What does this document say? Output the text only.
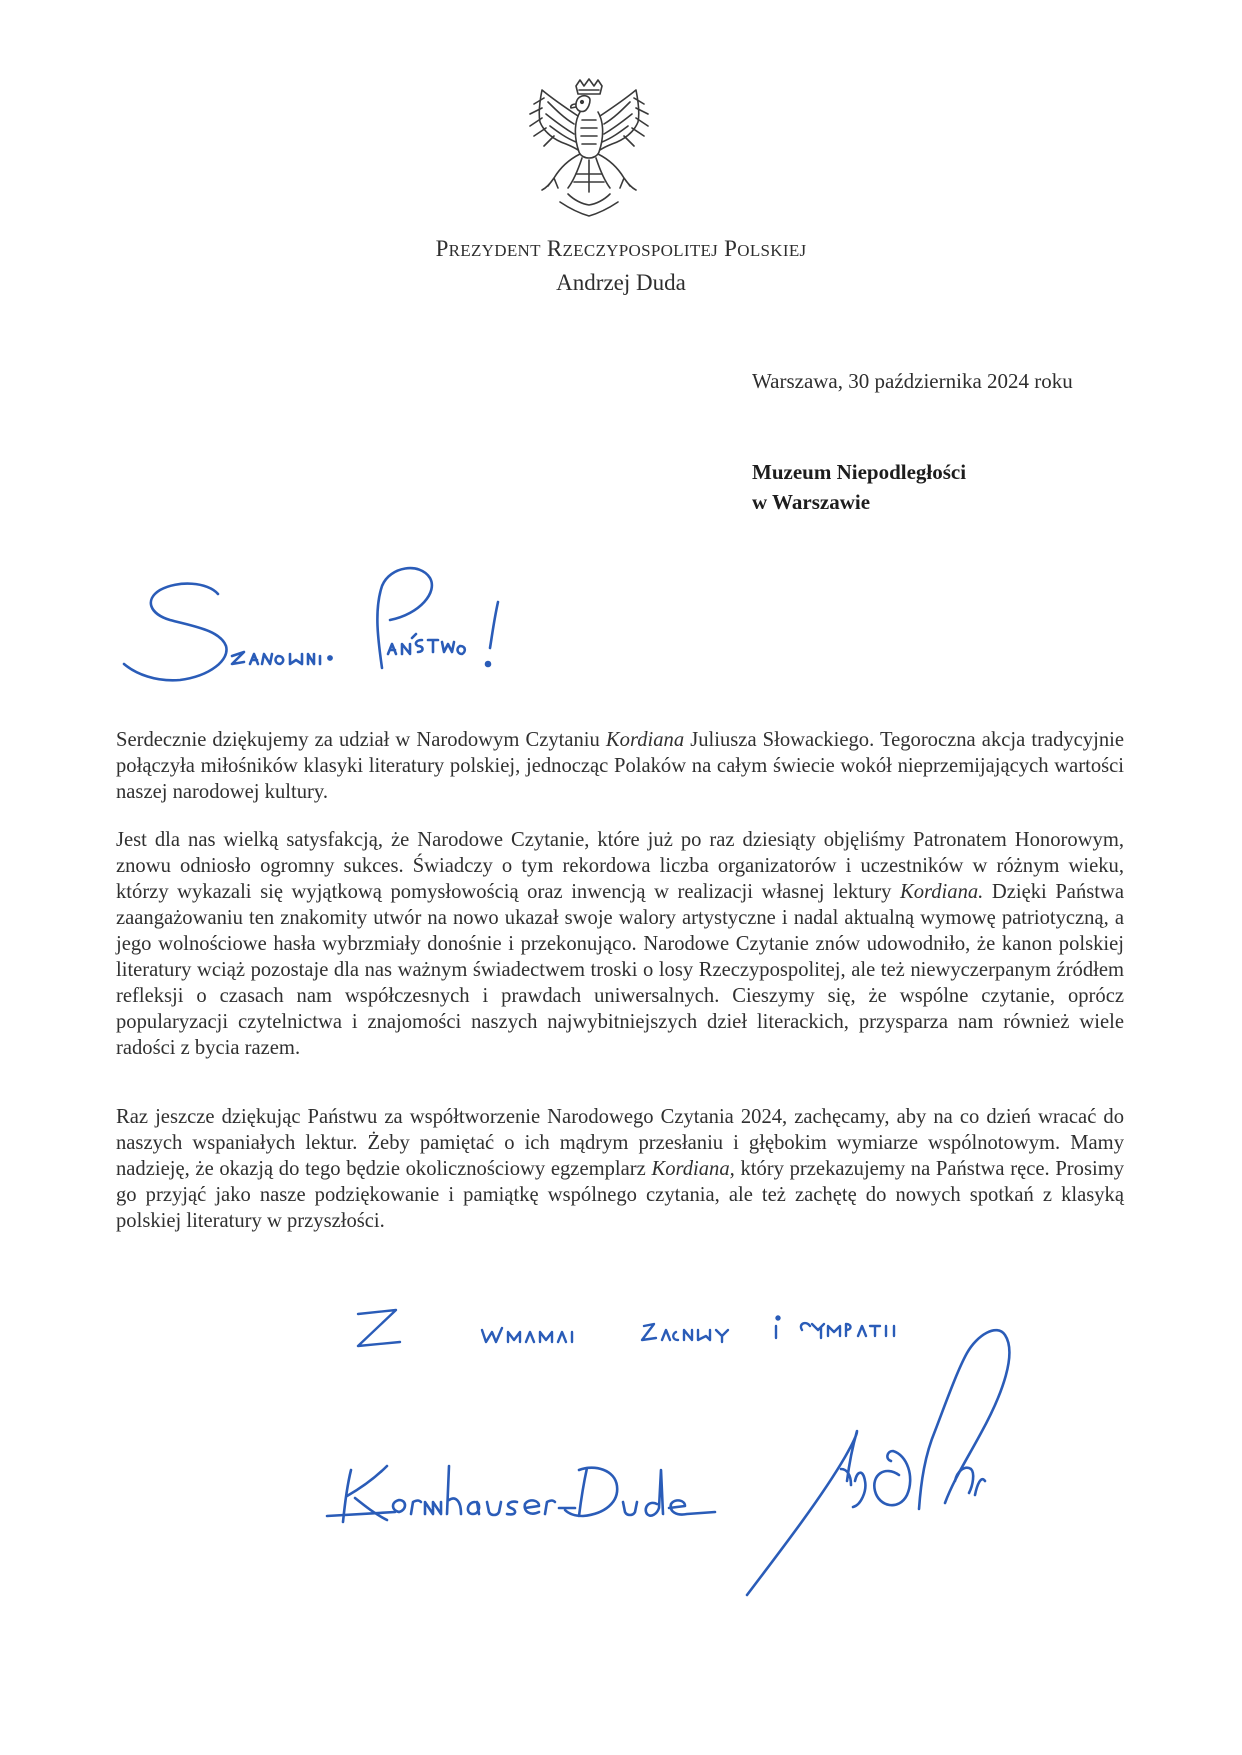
PREZYDENT RZECZYPOSPOLITEJ POLSKIEJ
Andrzej Duda
Warszawa, 30 października 2024 roku
Muzeum Niepodległości
w Warszawie
Serdecznie dziękujemy za udział w Narodowym Czytaniu Kordiana Juliusza Słowackiego. Tegoroczna akcja tradycyjnie połączyła miłośników klasyki literatury polskiej, jednocząc Polaków na całym świecie wokół nieprzemijających wartości naszej narodowej kultury.
Jest dla nas wielką satysfakcją, że Narodowe Czytanie, które już po raz dziesiąty objęliśmy Patronatem Honorowym, znowu odniosło ogromny sukces. Świadczy o tym rekordowa liczba organizatorów i uczestników w różnym wieku, którzy wykazali się wyjątkową pomysłowością oraz inwencją w realizacji własnej lektury Kordiana. Dzięki Państwa zaangażowaniu ten znakomity utwór na nowo ukazał swoje walory artystyczne i nadal aktualną wymowę patriotyczną, a jego wolnościowe hasła wybrzmiały donośnie i przekonująco. Narodowe Czytanie znów udowodniło, że kanon polskiej literatury wciąż pozostaje dla nas ważnym świadectwem troski o losy Rzeczypospolitej, ale też niewyczerpanym źródłem refleksji o czasach nam współczesnych i prawdach uniwersalnych. Cieszymy się, że wspólne czytanie, oprócz popularyzacji czytelnictwa i znajomości naszych najwybitniejszych dzieł literackich, przysparza nam również wiele radości z bycia razem.
Raz jeszcze dziękując Państwu za współtworzenie Narodowego Czytania 2024, zachęcamy, aby na co dzień wracać do naszych wspaniałych lektur. Żeby pamiętać o ich mądrym przesłaniu i głębokim wymiarze wspólnotowym. Mamy nadzieję, że okazją do tego będzie okolicznościowy egzemplarz Kordiana, który przekazujemy na Państwa ręce. Prosimy go przyjąć jako nasze podziękowanie i pamiątkę wspólnego czytania, ale też zachętę do nowych spotkań z klasyką polskiej literatury w przyszłości.
